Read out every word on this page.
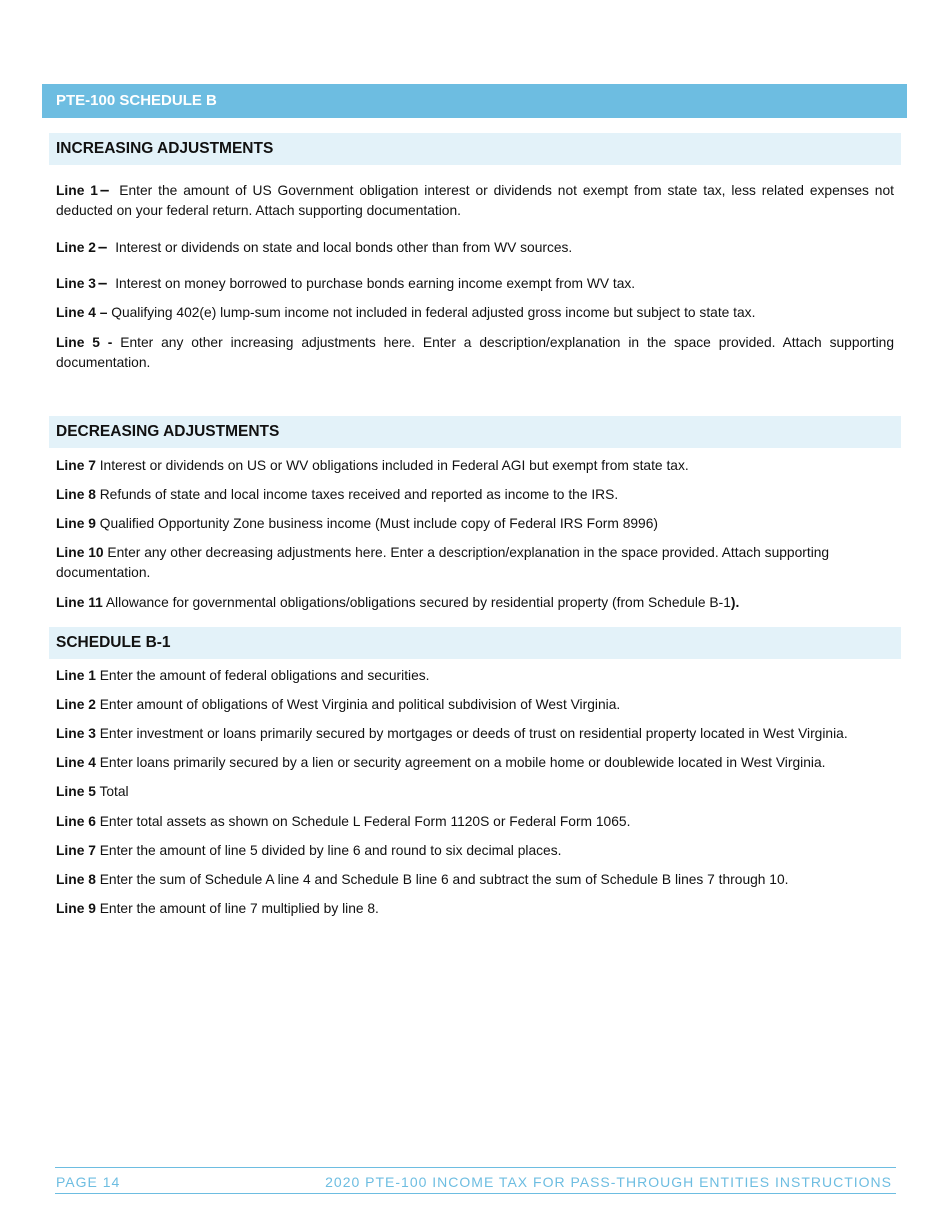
PTE-100 SCHEDULE B
INCREASING ADJUSTMENTS
Line 1 – Enter the amount of US Government obligation interest or dividends not exempt from state tax, less related expenses not deducted on your federal return. Attach supporting documentation.
Line 2 – Interest or dividends on state and local bonds other than from WV sources.
Line 3 – Interest on money borrowed to purchase bonds earning income exempt from WV tax.
Line 4 – Qualifying 402(e) lump-sum income not included in federal adjusted gross income but subject to state tax.
Line 5 - Enter any other increasing adjustments here. Enter a description/explanation in the space provided. Attach supporting documentation.
DECREASING ADJUSTMENTS
Line 7 Interest or dividends on US or WV obligations included in Federal AGI but exempt from state tax.
Line 8 Refunds of state and local income taxes received and reported as income to the IRS.
Line 9 Qualified Opportunity Zone business income (Must include copy of Federal IRS Form 8996)
Line 10 Enter any other decreasing adjustments here. Enter a description/explanation in the space provided. Attach supporting documentation.
Line 11 Allowance for governmental obligations/obligations secured by residential property (from Schedule B-1).
SCHEDULE B-1
Line 1 Enter the amount of federal obligations and securities.
Line 2 Enter amount of obligations of West Virginia and political subdivision of West Virginia.
Line 3 Enter investment or loans primarily secured by mortgages or deeds of trust on residential property located in West Virginia.
Line 4 Enter loans primarily secured by a lien or security agreement on a mobile home or doublewide located in West Virginia.
Line 5 Total
Line 6 Enter total assets as shown on Schedule L Federal Form 1120S or Federal Form 1065.
Line 7 Enter the amount of line 5 divided by line 6 and round to six decimal places.
Line 8 Enter the sum of Schedule A line 4 and Schedule B line 6 and subtract the sum of Schedule B lines 7 through 10.
Line 9 Enter the amount of line 7 multiplied by line 8.
PAGE 14	2020 PTE-100 INCOME TAX FOR PASS-THROUGH ENTITIES INSTRUCTIONS
